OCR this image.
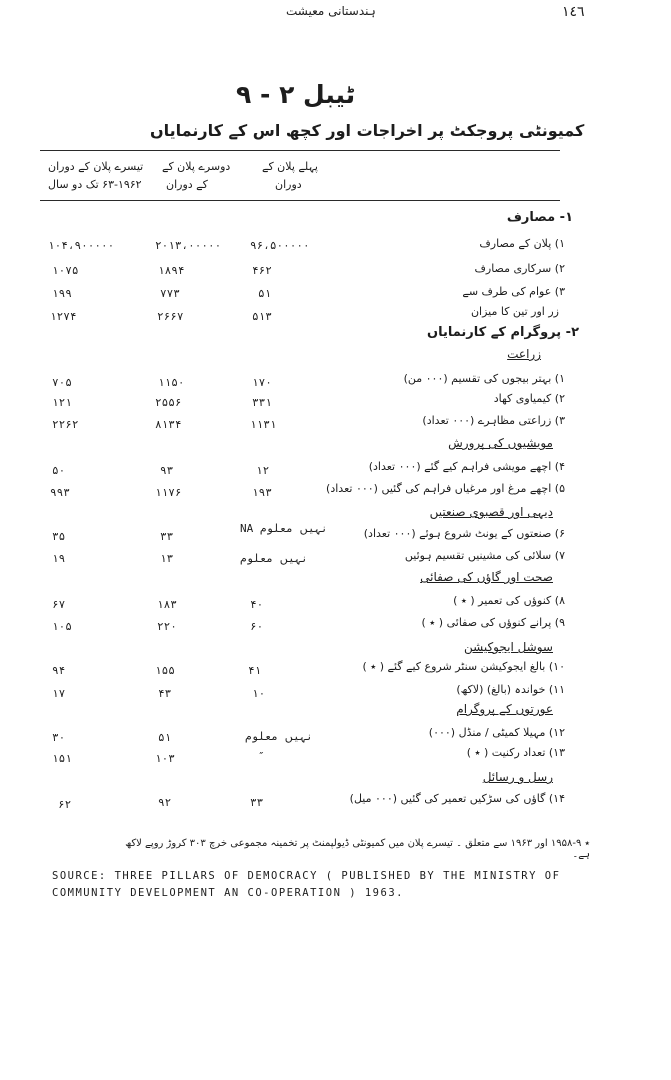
١٤٦
ہندستانی معیشت
ٹیبل ۲ - ۹
کمیونٹی پروجکٹ پر اخراجات اور کچھ اس کے کارنمایاں
پہلے پلان کے
دوران
دوسرے پلان کے
کے دوران
تیسرے پلان کے دوران
۶۳-۱۹۶۲ تک دو سال
۱- مصارف
۲- پروگرام کے کارنمایاں
زراعت
مویشیوں کی پرورش
دیہی اور قصبوی صنعتیں
صحت اور گاؤں کی صفائی
سوشل ایجوکیشن
عورتوں کے پروگرام
رسل و رسائل
۱) پلان کے مصارف
۹۶،۵۰۰۰۰۰
۲۰۱۳،۰۰۰۰۰
۱۰۴،۹۰۰۰۰۰
۲) سرکاری مصارف
۴۶۲
۱۸۹۴
۱۰۷۵
۳) عوام کی طرف سے
۵۱
۷۷۳
۱۹۹
زر اور تین کا میزان
۵۱۳
۲۶۶۷
۱۲۷۴
۱) بہتر بیجوں کی تقسیم (۰۰۰ من)
۱۷۰
۱۱۵۰
۷۰۵
۲) کیمیاوی کھاد
۳۳۱
۲۵۵۶
۱۲۱
۳) زراعتی مظاہرے (۰۰۰ تعداد)
۱۱۳۱
۸۱۳۴
۲۲۶۲
۴) اچھے مویشی فراہم کیے گئے (۰۰۰ تعداد)
۱۲
۹۳
۵۰
۵) اچھے مرغ اور مرغیاں فراہم کی گئیں (۰۰۰ تعداد)
۱۹۳
۱۱۷۶
۹۹۳
۶) صنعتوں کے یونٹ شروع ہوئے (۰۰۰ تعداد)
NA نہیں معلوم
۳۳
۳۵
۷) سلائی کی مشینیں تقسیم ہوئیں
نہیں معلوم
۱۳
۱۹
۸) کنوؤں کی تعمیر ( ٭ )
۴۰
۱۸۳
۶۷
۹) پرانے کنوؤں کی صفائی ( ٭ )
۶۰
۲۲۰
۱۰۵
۱۰) بالغ ایجوکیشن سنٹر شروع کیے گئے ( ٭ )
۴۱
۱۵۵
۹۴
۱۱) خواندہ (بالغ) (لاکھ)
۱۰
۴۳
۱۷
۱۲) مہیلا کمیٹی / منڈل (۰۰۰)
نہیں معلوم
۵۱
۳۰
۱۳) تعداد رکنیت ( ٭ )
″
۱۰۳
۱۵۱
۱۴) گاؤں کی سڑکیں تعمیر کی گئیں (۰۰۰ میل)
۳۳
۹۲
۶۲
٭ ۹-۱۹۵۸ اور ۱۹۶۳ سے متعلق ۔ تیسرے پلان میں کمیونٹی ڈیولپمنٹ پر تخمینہ مجموعی خرچ ۳۰۳ کروڑ روپے لاکھ ہے۔
SOURCE: THREE PILLARS OF DEMOCRACY ( PUBLISHED BY THE MINISTRY OF COMMUNITY DEVELOPMENT AN CO-OPERATION ) 1963.
